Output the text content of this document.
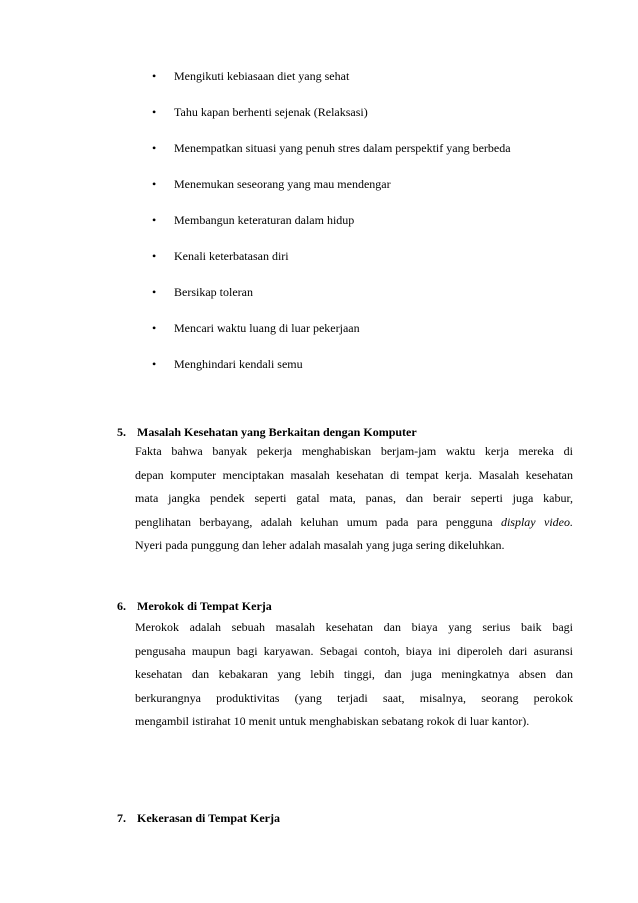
•	Mengikuti kebiasaan diet yang sehat
•	Tahu kapan berhenti sejenak (Relaksasi)
•	Menempatkan situasi yang penuh stres dalam perspektif yang berbeda
•	Menemukan seseorang yang mau mendengar
•	Membangun keteraturan dalam hidup
•	Kenali keterbatasan diri
•	Bersikap toleran
•	Mencari waktu luang di luar pekerjaan
•	Menghindari kendali semu
5. Masalah Kesehatan yang Berkaitan dengan Komputer
Fakta bahwa banyak pekerja menghabiskan berjam-jam waktu kerja mereka di
depan komputer menciptakan masalah kesehatan di tempat kerja. Masalah kesehatan
mata jangka pendek seperti gatal mata, panas, dan berair seperti juga kabur,
penglihatan berbayang, adalah keluhan umum pada para pengguna display video.
Nyeri pada punggung dan leher adalah masalah yang juga sering dikeluhkan.
6. Merokok di Tempat Kerja
Merokok adalah sebuah masalah kesehatan dan biaya yang serius baik bagi
pengusaha maupun bagi karyawan. Sebagai contoh, biaya ini diperoleh dari asuransi
kesehatan dan kebakaran yang lebih tinggi, dan juga meningkatnya absen dan
berkurangnya produktivitas (yang terjadi saat, misalnya, seorang perokok
mengambil istirahat 10 menit untuk menghabiskan sebatang rokok di luar kantor).
7. Kekerasan di Tempat Kerja
